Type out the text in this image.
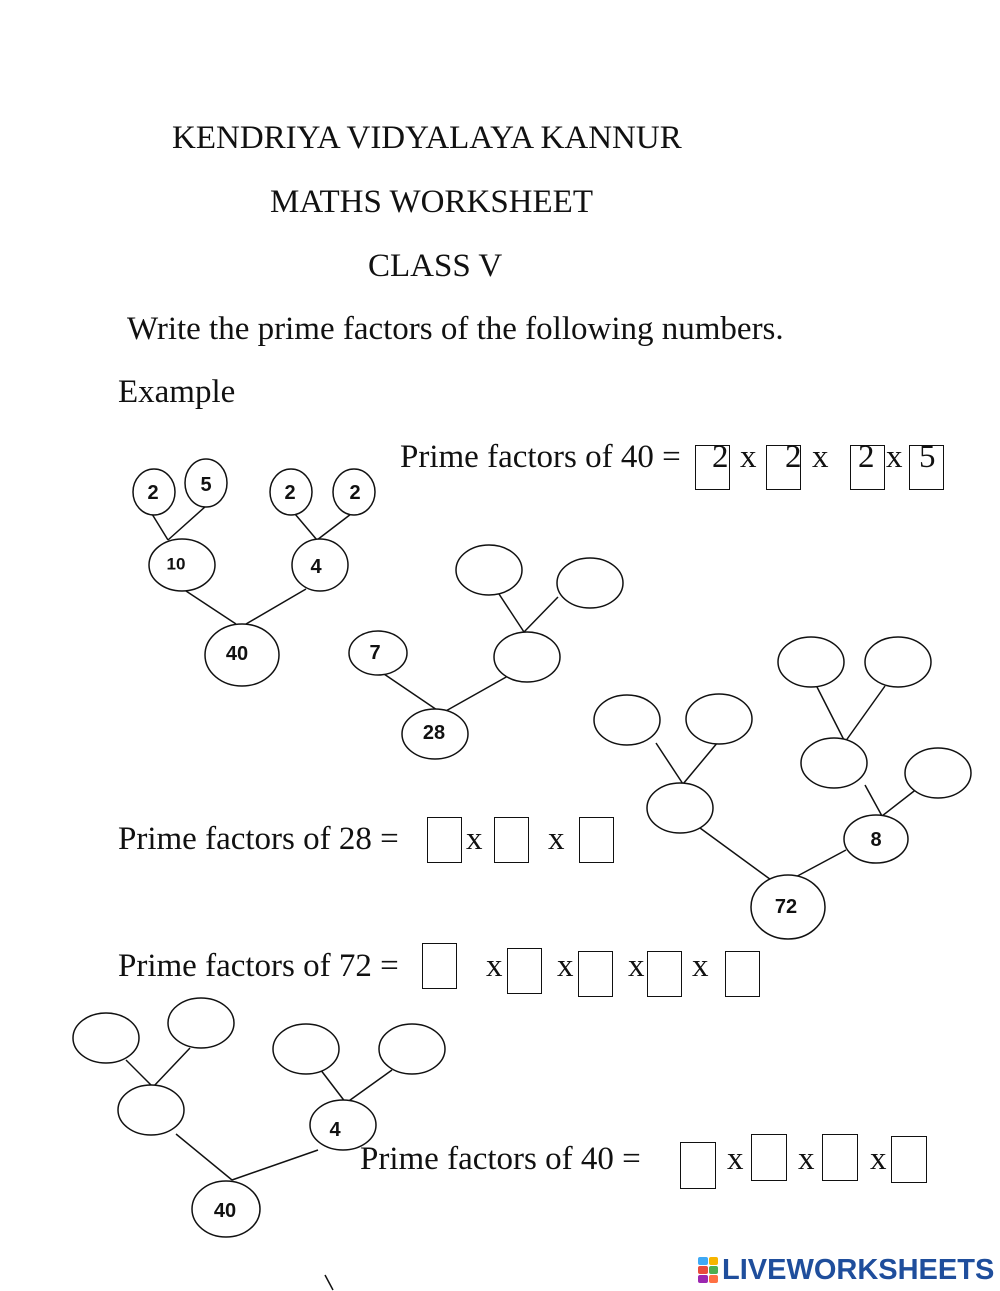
KENDRIYA VIDYALAYA KANNUR
MATHS WORKSHEET
CLASS V
Write the prime factors of the following numbers.
Example
40
10	4
2 5	2	2
28
7
72
8
40
4
Prime factors of 40 = 2 x 2 x 2 x 5
Prime factors of 28 = x x
Prime factors of 72 =	x x x x
Prime factors of 40 =	x x x
LIVEWORKSHEETS
